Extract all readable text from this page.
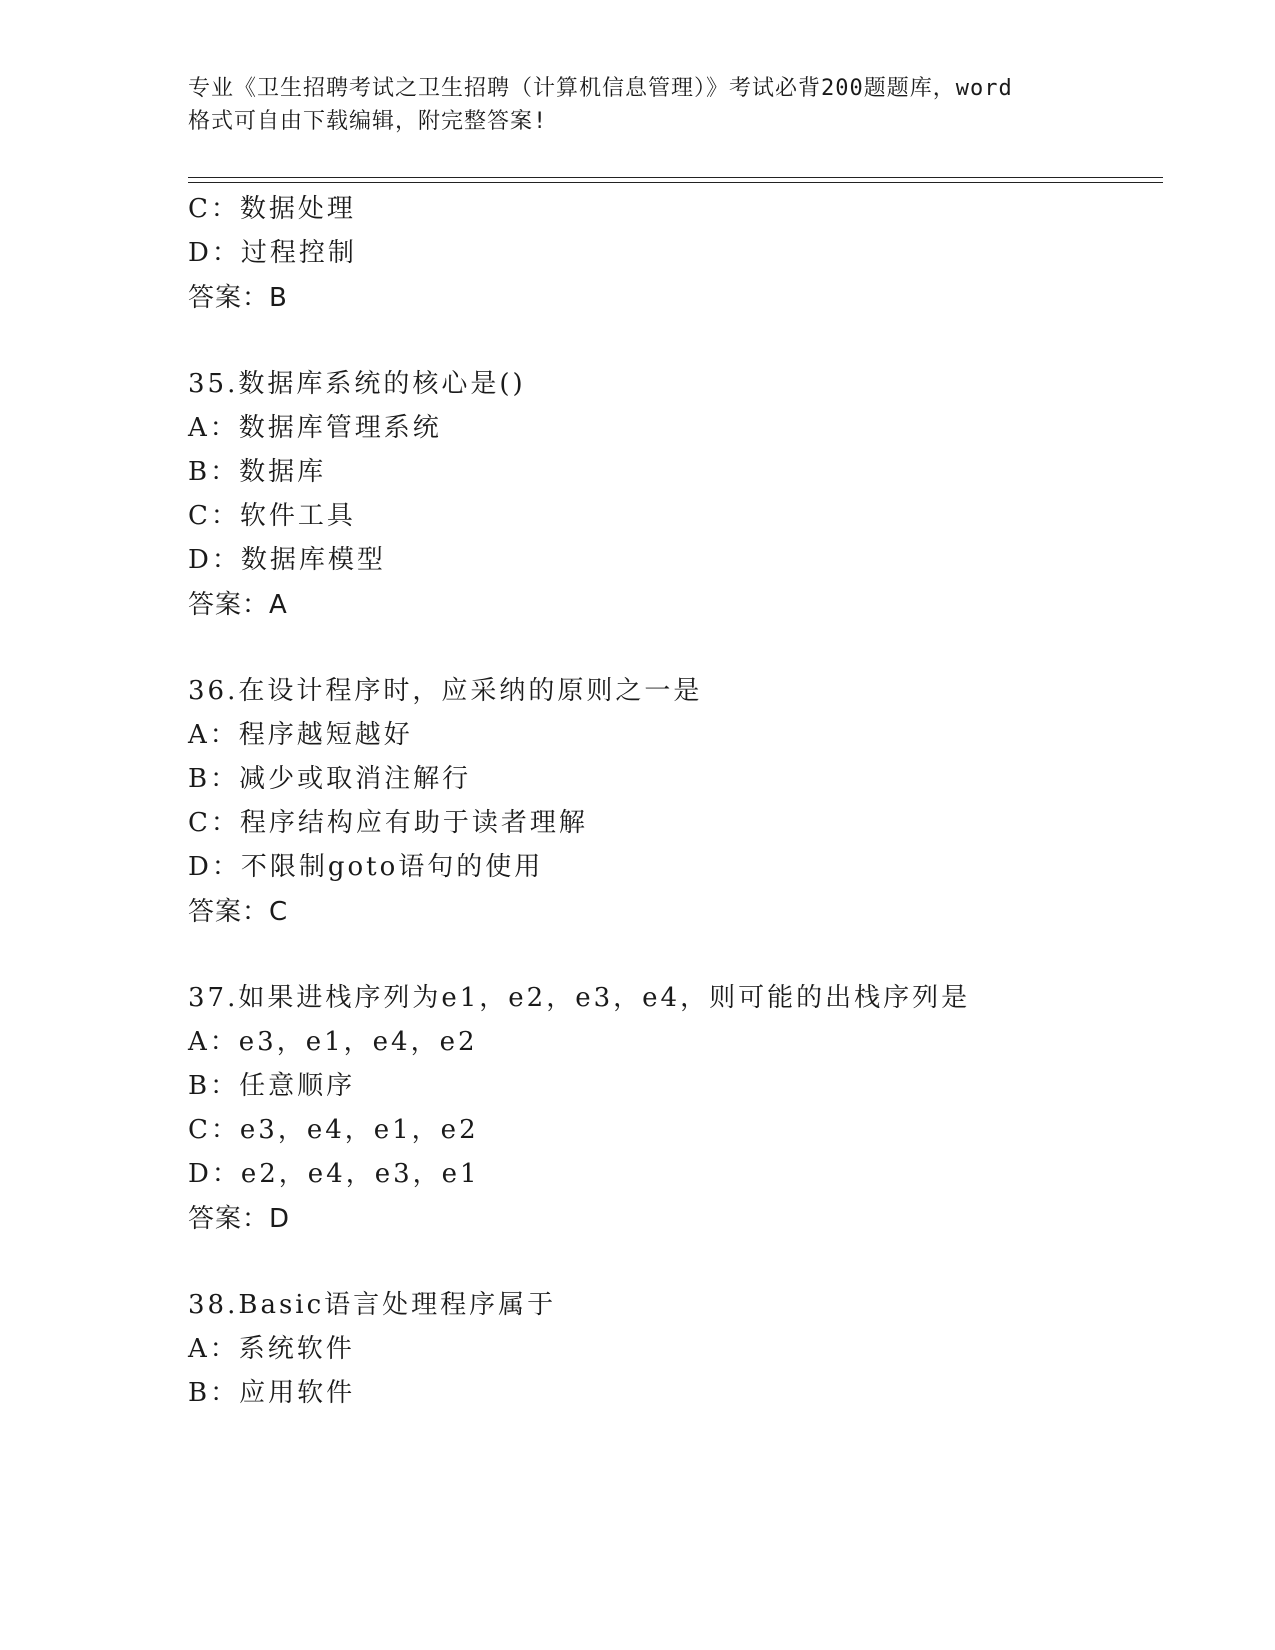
专业《卫生招聘考试之卫生招聘（计算机信息管理）》考试必背200题题库，word
格式可自由下载编辑，附完整答案!
C：数据处理
D：过程控制
答案：B
35.数据库系统的核心是()
A：数据库管理系统
B：数据库
C：软件工具
D：数据库模型
答案：A
36.在设计程序时，应采纳的原则之一是
A：程序越短越好
B：减少或取消注解行
C：程序结构应有助于读者理解
D：不限制goto语句的使用
答案：C
37.如果进栈序列为e1，e2，e3，e4，则可能的出栈序列是
A：e3，e1，e4，e2
B：任意顺序
C：e3，e4，e1，e2
D：e2，e4，e3，e1
答案：D
38.Basic语言处理程序属于
A：系统软件
B：应用软件
